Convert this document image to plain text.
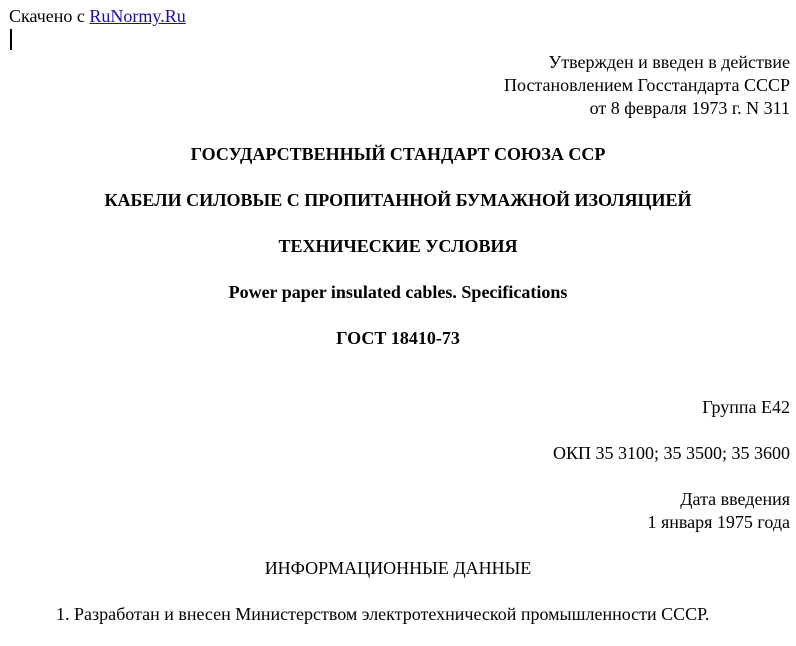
Скачено с RuNormy.Ru
Утвержден и введен в действие
Постановлением Госстандарта СССР
от 8 февраля 1973 г. N 311
ГОСУДАРСТВЕННЫЙ СТАНДАРТ СОЮЗА ССР
КАБЕЛИ СИЛОВЫЕ С ПРОПИТАННОЙ БУМАЖНОЙ ИЗОЛЯЦИЕЙ
ТЕХНИЧЕСКИЕ УСЛОВИЯ
Power paper insulated cables. Specifications
ГОСТ 18410-73
Группа Е42
ОКП 35 3100; 35 3500; 35 3600
Дата введения
1 января 1975 года
ИНФОРМАЦИОННЫЕ ДАННЫЕ
1. Разработан и внесен Министерством электротехнической промышленности СССР.
